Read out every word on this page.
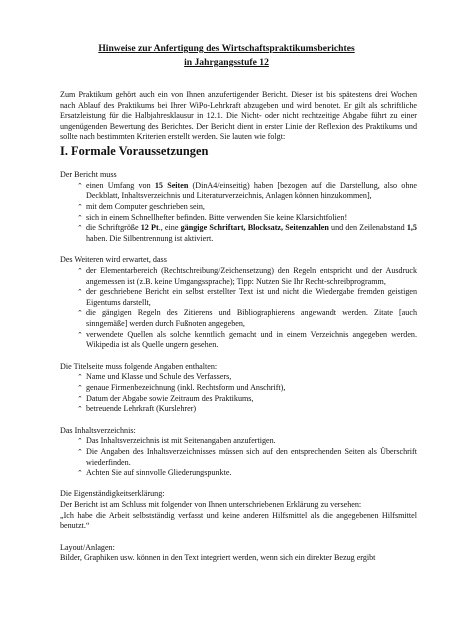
Hinweise zur Anfertigung des Wirtschaftspraktikumsberichtes
in Jahrgangsstufe 12

Zum Praktikum gehört auch ein von Ihnen anzufertigender Bericht. Dieser ist bis spätestens drei Wochen nach Ablauf des Praktikums bei Ihrer WiPo-Lehrkraft abzugeben und wird benotet. Er gilt als schriftliche Ersatzleistung für die Halbjahresklausur in 12.1. Die Nicht- oder nicht rechtzeitige Abgabe führt zu einer ungenügenden Bewertung des Berichtes. Der Bericht dient in erster Linie der Reflexion des Praktikums und sollte nach bestimmten Kriterien erstellt werden. Sie lauten wie folgt:

I. Formale Voraussetzungen

Der Bericht muss

⌃ einen Umfang von 15 Seiten (DinA4/einseitig) haben [bezogen auf die Darstellung, also ohne Deckblatt, Inhaltsverzeichnis und Literaturverzeichnis, Anlagen können hinzukommen],
⌃ mit dem Computer geschrieben sein,
⌃ sich in einem Schnellhefter befinden. Bitte verwenden Sie keine Klarsichtfolien!
⌃ die Schriftgröße 12 Pt., eine gängige Schriftart, Blocksatz, Seitenzahlen und den Zeilenabstand 1,5 haben. Die Silbentrennung ist aktiviert.

Des Weiteren wird erwartet, dass

⌃ der Elementarbereich (Rechtschreibung/Zeichensetzung) den Regeln entspricht und der Ausdruck angemessen ist (z.B. keine Umgangssprache); Tipp: Nutzen Sie Ihr Recht-schreibprogramm,
⌃ der geschriebene Bericht ein selbst erstellter Text ist und nicht die Wiedergabe fremden geistigen Eigentums darstellt,
⌃ die gängigen Regeln des Zitierens und Bibliographierens angewandt werden. Zitate [auch sinngemäße] werden durch Fußnoten angegeben,
⌃ verwendete Quellen als solche kenntlich gemacht und in einem Verzeichnis angegeben werden. Wikipedia ist als Quelle ungern gesehen.

Die Titelseite muss folgende Angaben enthalten:

⌃ Name und Klasse und Schule des Verfassers,
⌃ genaue Firmenbezeichnung (inkl. Rechtsform und Anschrift),
⌃ Datum der Abgabe sowie Zeitraum des Praktikums,
⌃ betreuende Lehrkraft (Kurslehrer)

Das Inhaltsverzeichnis:

⌃ Das Inhaltsverzeichnis ist mit Seitenangaben anzufertigen.
⌃ Die Angaben des Inhaltsverzeichnisses müssen sich auf den entsprechenden Seiten als Überschrift wiederfinden.
⌃ Achten Sie auf sinnvolle Gliederungspunkte.

Die Eigenständigkeitserklärung:

Der Bericht ist am Schluss mit folgender von Ihnen unterschriebenen Erklärung zu versehen:

„Ich habe die Arbeit selbstständig verfasst und keine anderen Hilfsmittel als die angegebenen Hilfsmittel benutzt.“

Layout/Anlagen:

Bilder, Graphiken usw. können in den Text integriert werden, wenn sich ein direkter Bezug ergibt
